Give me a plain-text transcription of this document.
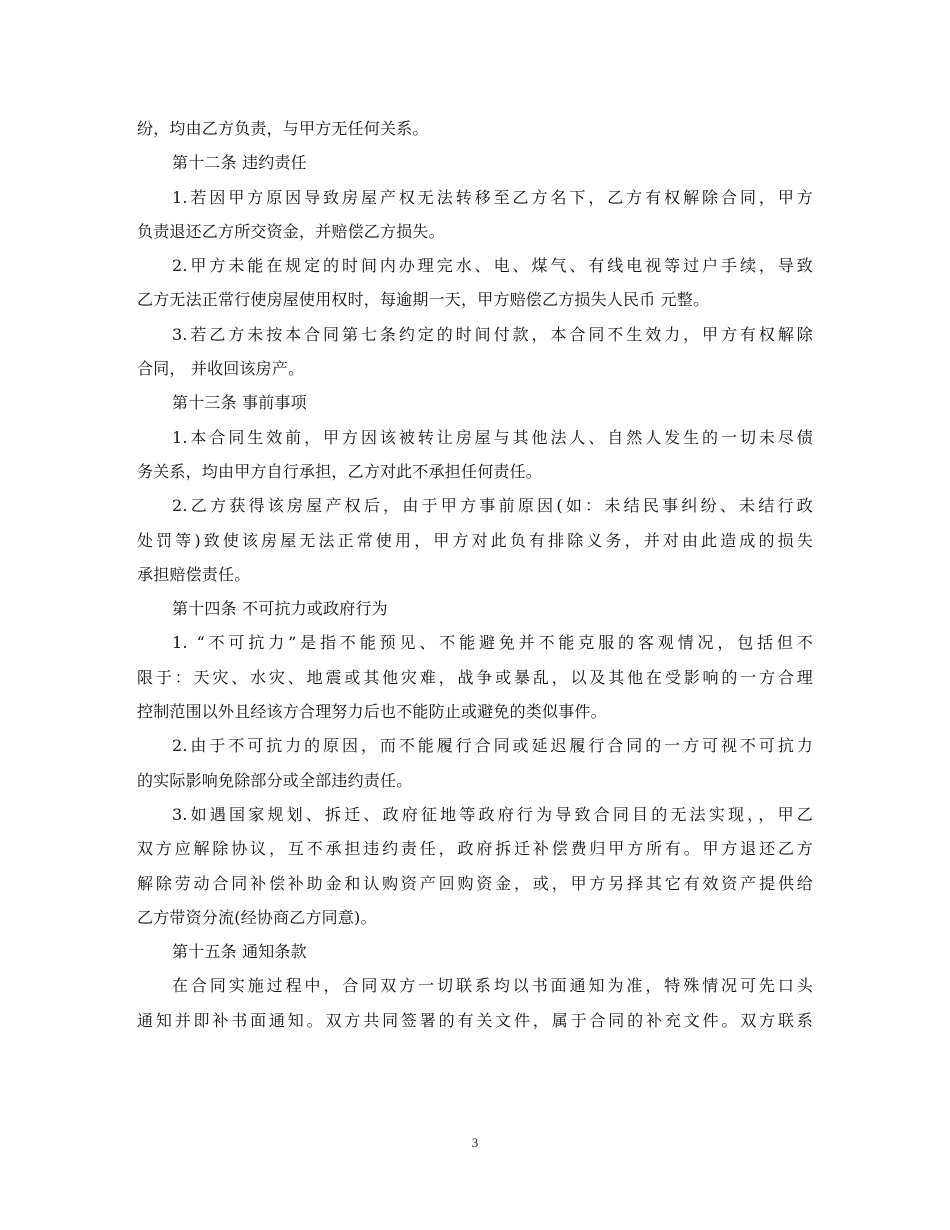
纷，均由乙方负责，与甲方无任何关系。
第十二条 违约责任
1.若因甲方原因导致房屋产权无法转移至乙方名下，乙方有权解除合同，甲方
负责退还乙方所交资金，并赔偿乙方损失。
2.甲方未能在规定的时间内办理完水、电、煤气、有线电视等过户手续，导致
乙方无法正常行使房屋使用权时，每逾期一天，甲方赔偿乙方损失人民币 元整。
3.若乙方未按本合同第七条约定的时间付款，本合同不生效力，甲方有权解除
合同， 并收回该房产。
第十三条 事前事项
1.本合同生效前，甲方因该被转让房屋与其他法人、自然人发生的一切未尽债
务关系，均由甲方自行承担，乙方对此不承担任何责任。
2.乙方获得该房屋产权后，由于甲方事前原因(如：未结民事纠纷、未结行政
处罚等)致使该房屋无法正常使用，甲方对此负有排除义务，并对由此造成的损失
承担赔偿责任。
第十四条 不可抗力或政府行为
1. “不可抗力”是指不能预见、不能避免并不能克服的客观情况，包括但不
限于：天灾、水灾、地震或其他灾难，战争或暴乱，以及其他在受影响的一方合理
控制范围以外且经该方合理努力后也不能防止或避免的类似事件。
2.由于不可抗力的原因，而不能履行合同或延迟履行合同的一方可视不可抗力
的实际影响免除部分或全部违约责任。
3.如遇国家规划、拆迁、政府征地等政府行为导致合同目的无法实现，，甲乙
双方应解除协议，互不承担违约责任，政府拆迁补偿费归甲方所有。甲方退还乙方
解除劳动合同补偿补助金和认购资产回购资金，或，甲方另择其它有效资产提供给
乙方带资分流(经协商乙方同意)。
第十五条 通知条款
在合同实施过程中，合同双方一切联系均以书面通知为准，特殊情况可先口头
通知并即补书面通知。双方共同签署的有关文件，属于合同的补充文件。双方联系
3
